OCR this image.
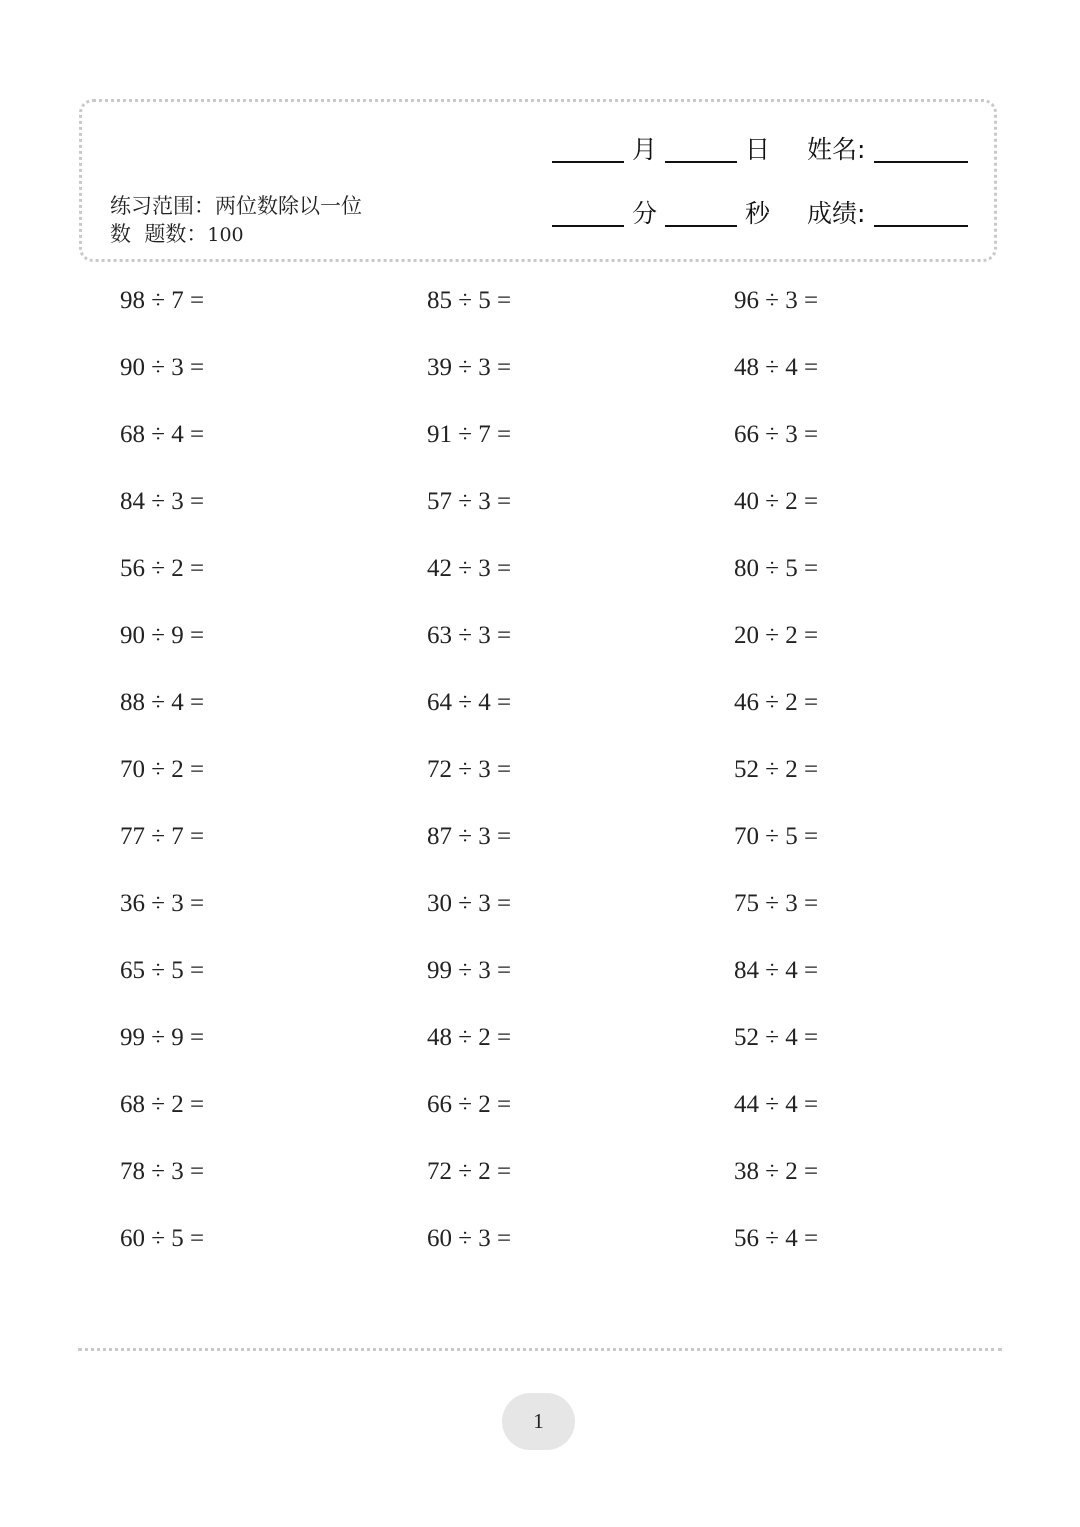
练习范围：两位数除以一位
数  题数：100
月	日 姓名:
分	秒 成绩:
98 ÷ 7 =
90 ÷ 3 =
68 ÷ 4 =
84 ÷ 3 =
56 ÷ 2 =
90 ÷ 9 =
88 ÷ 4 =
70 ÷ 2 =
77 ÷ 7 =
36 ÷ 3 =
65 ÷ 5 =
99 ÷ 9 =
68 ÷ 2 =
78 ÷ 3 =
60 ÷ 5 =
85 ÷ 5 =
39 ÷ 3 =
91 ÷ 7 =
57 ÷ 3 =
42 ÷ 3 =
63 ÷ 3 =
64 ÷ 4 =
72 ÷ 3 =
87 ÷ 3 =
30 ÷ 3 =
99 ÷ 3 =
48 ÷ 2 =
66 ÷ 2 =
72 ÷ 2 =
60 ÷ 3 =
96 ÷ 3 =
48 ÷ 4 =
66 ÷ 3 =
40 ÷ 2 =
80 ÷ 5 =
20 ÷ 2 =
46 ÷ 2 =
52 ÷ 2 =
70 ÷ 5 =
75 ÷ 3 =
84 ÷ 4 =
52 ÷ 4 =
44 ÷ 4 =
38 ÷ 2 =
56 ÷ 4 =
1
